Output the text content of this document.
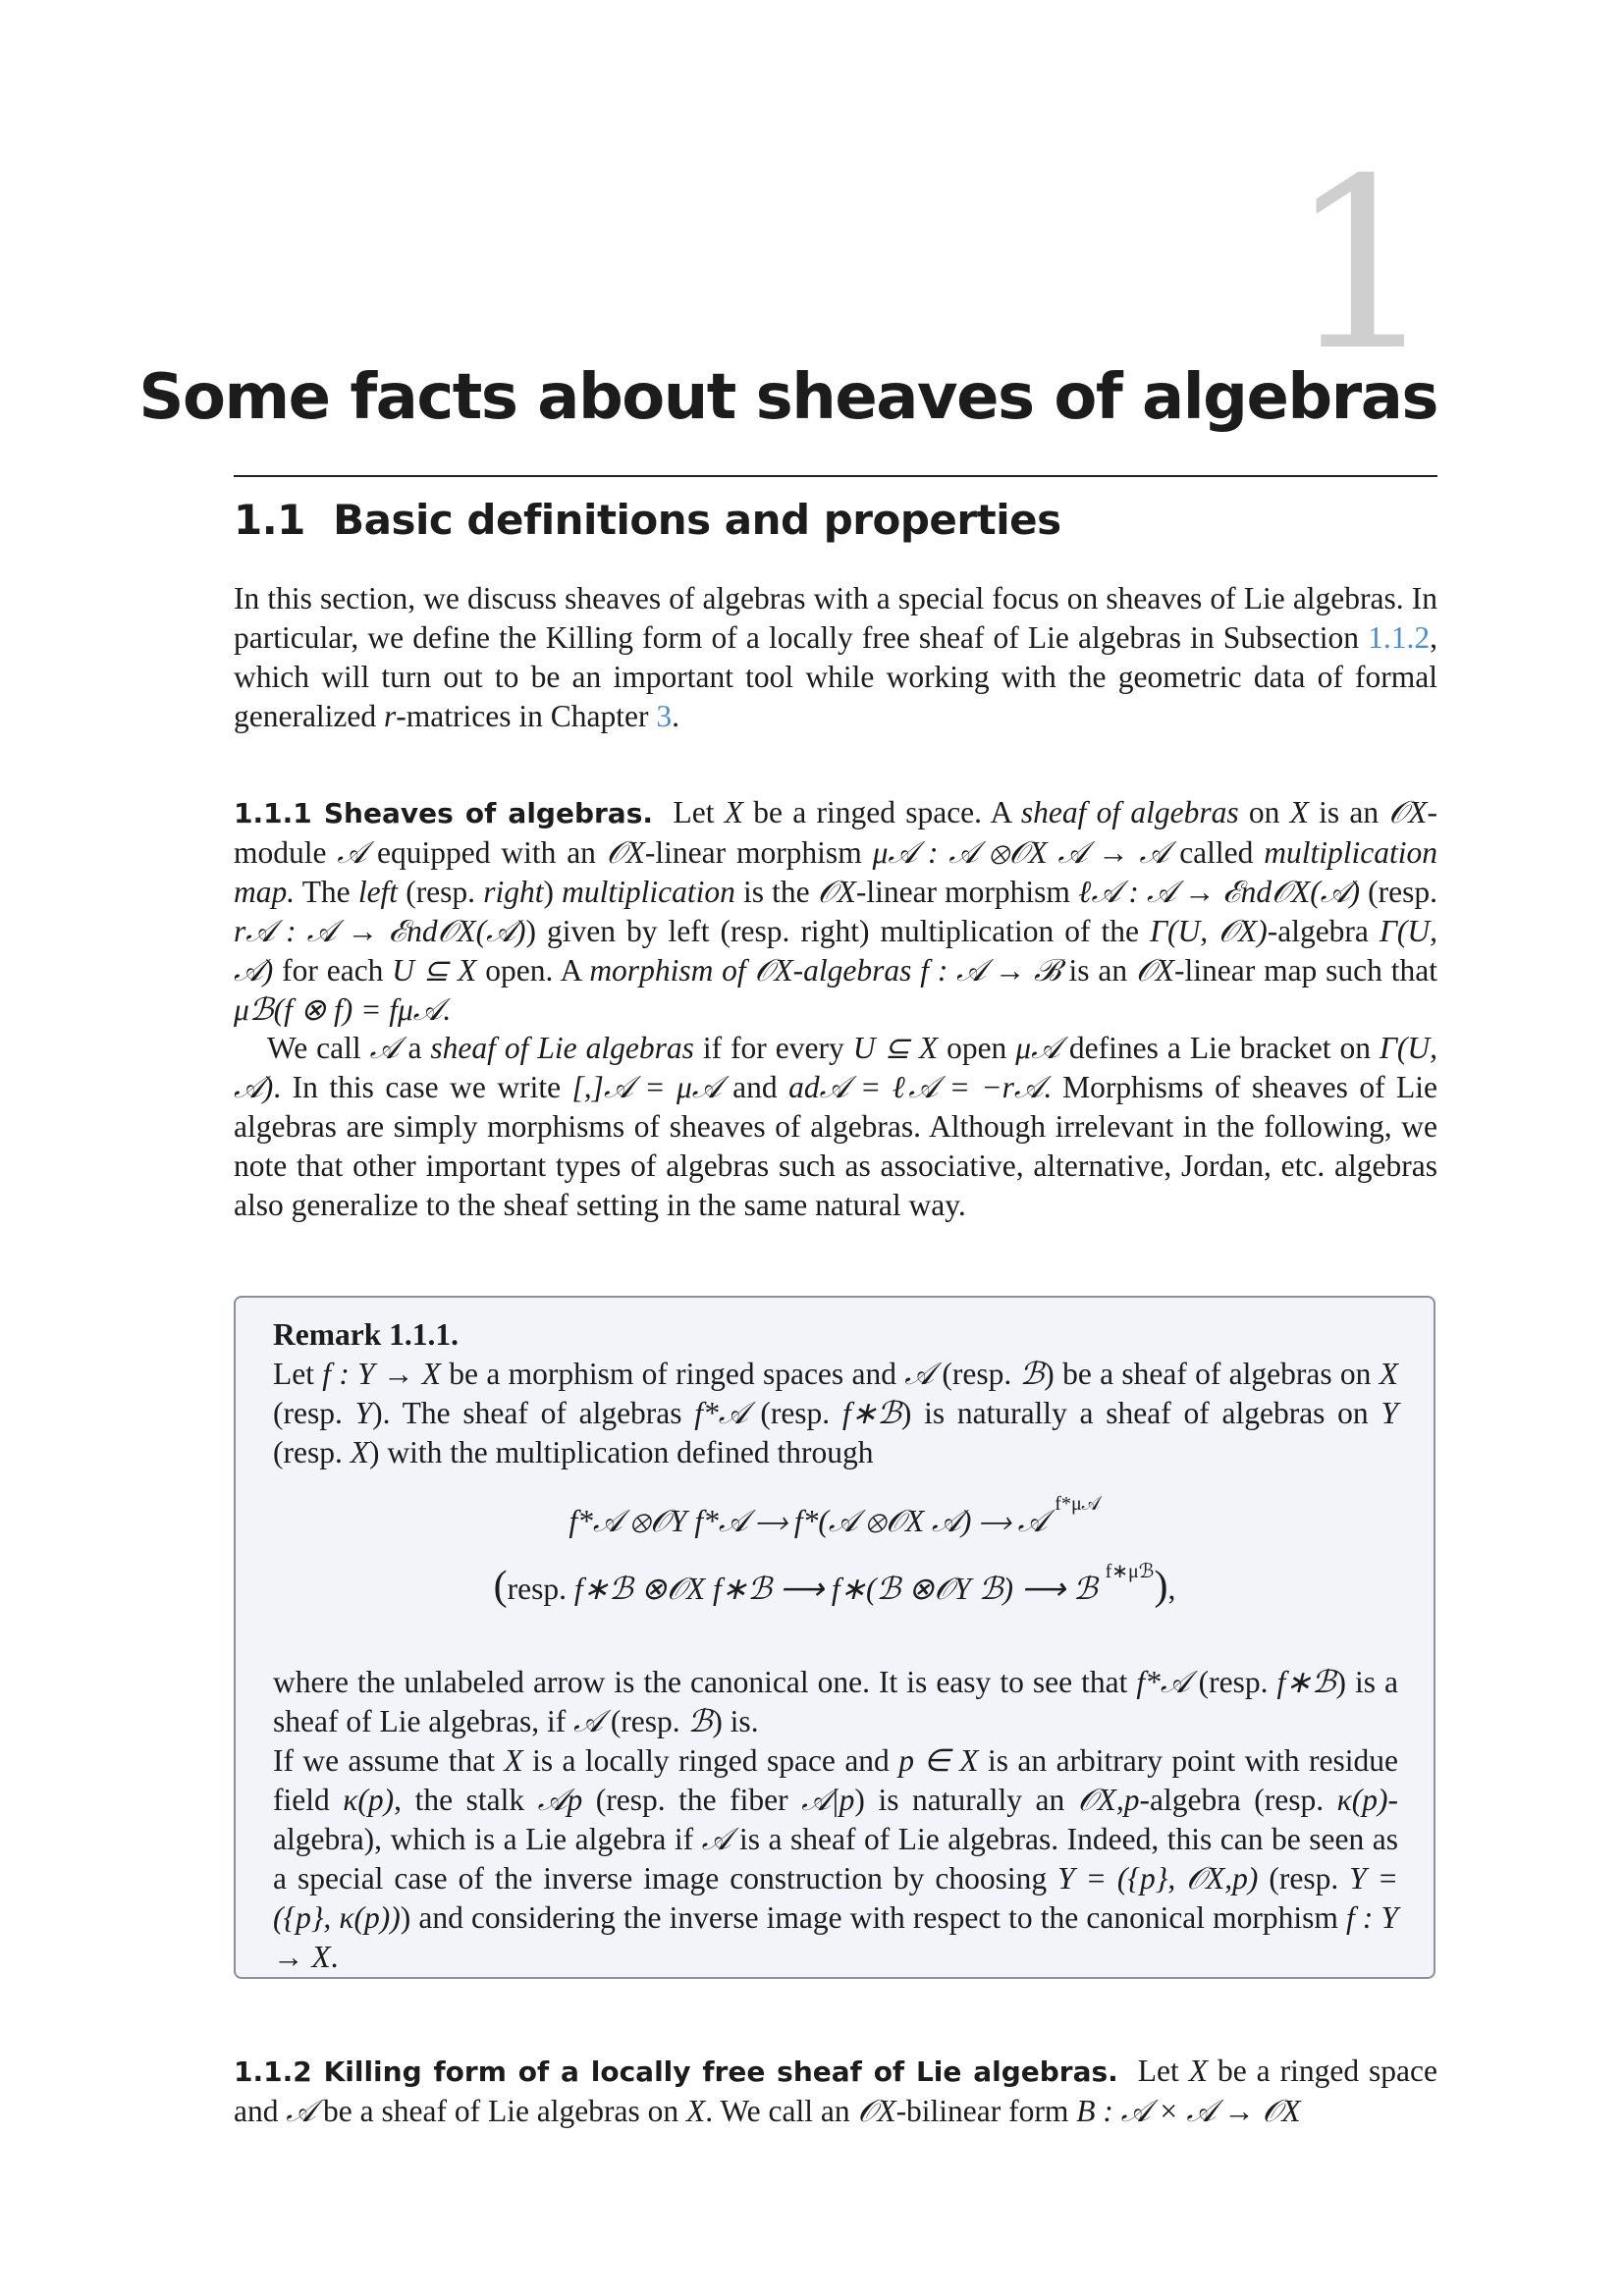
1
Some facts about sheaves of algebras
1.1 Basic definitions and properties

In this section, we discuss sheaves of algebras with a special focus on sheaves of Lie algebras. In particular, we define the Killing form of a locally free sheaf of Lie algebras in Subsection 1.1.2, which will turn out to be an important tool while working with the geometric data of formal generalized r-matrices in Chapter 3.

1.1.1 Sheaves of algebras. Let X be a ringed space. A sheaf of algebras on X is an 𝒪X-module 𝒜 equipped with an 𝒪X-linear morphism μ𝒜 : 𝒜 ⊗𝒪X 𝒜 → 𝒜 called multiplication map. The left (resp. right) multiplication is the 𝒪X-linear morphism ℓ𝒜 : 𝒜 → ℰnd𝒪X(𝒜) (resp. r𝒜 : 𝒜 → ℰnd𝒪X(𝒜)) given by left (resp. right) multiplication of the Γ(U, 𝒪X)-algebra Γ(U, 𝒜) for each U ⊆ X open. A morphism of 𝒪X-algebras f : 𝒜 → ℬ is an 𝒪X-linear map such that μℬ(f ⊗ f) = fμ𝒜.

We call 𝒜 a sheaf of Lie algebras if for every U ⊆ X open μ𝒜 defines a Lie bracket on Γ(U, 𝒜). In this case we write [,]𝒜 = μ𝒜 and ad𝒜 = ℓ𝒜 = −r𝒜. Morphisms of sheaves of Lie algebras are simply morphisms of sheaves of algebras. Although irrelevant in the following, we note that other important types of algebras such as associative, alternative, Jordan, etc. algebras also generalize to the sheaf setting in the same natural way.

Remark 1.1.1.
Let f : Y → X be a morphism of ringed spaces and 𝒜 (resp. ℬ) be a sheaf of algebras on X (resp. Y). The sheaf of algebras f*𝒜 (resp. f∗ℬ) is naturally a sheaf of algebras on Y (resp. X) with the multiplication defined through

f*𝒜 ⊗𝒪Y f*𝒜 ⟶ f*(𝒜 ⊗𝒪X 𝒜) ⟶ 𝒜 $^{f*\mu 𝒜}$
(resp. f∗ℬ ⊗𝒪X f∗ℬ ⟶ f∗(ℬ ⊗𝒪Y ℬ) ⟶ ℬ $^{f∗\mu ℬ}$),

where the unlabeled arrow is the canonical one. It is easy to see that f*𝒜 (resp. f∗ℬ) is a sheaf of Lie algebras, if 𝒜 (resp. ℬ) is.
If we assume that X is a locally ringed space and p ∈ X is an arbitrary point with residue field κ(p), the stalk 𝒜p (resp. the fiber 𝒜|p) is naturally an 𝒪X,p-algebra (resp. κ(p)-algebra), which is a Lie algebra if 𝒜 is a sheaf of Lie algebras. Indeed, this can be seen as a special case of the inverse image construction by choosing Y = ({p}, 𝒪X,p) (resp. Y = ({p}, κ(p))) and considering the inverse image with respect to the canonical morphism f : Y → X.

1.1.2 Killing form of a locally free sheaf of Lie algebras. Let X be a ringed space and 𝒜 be a sheaf of Lie algebras on X. We call an 𝒪X-bilinear form B : 𝒜 × 𝒜 → 𝒪X
